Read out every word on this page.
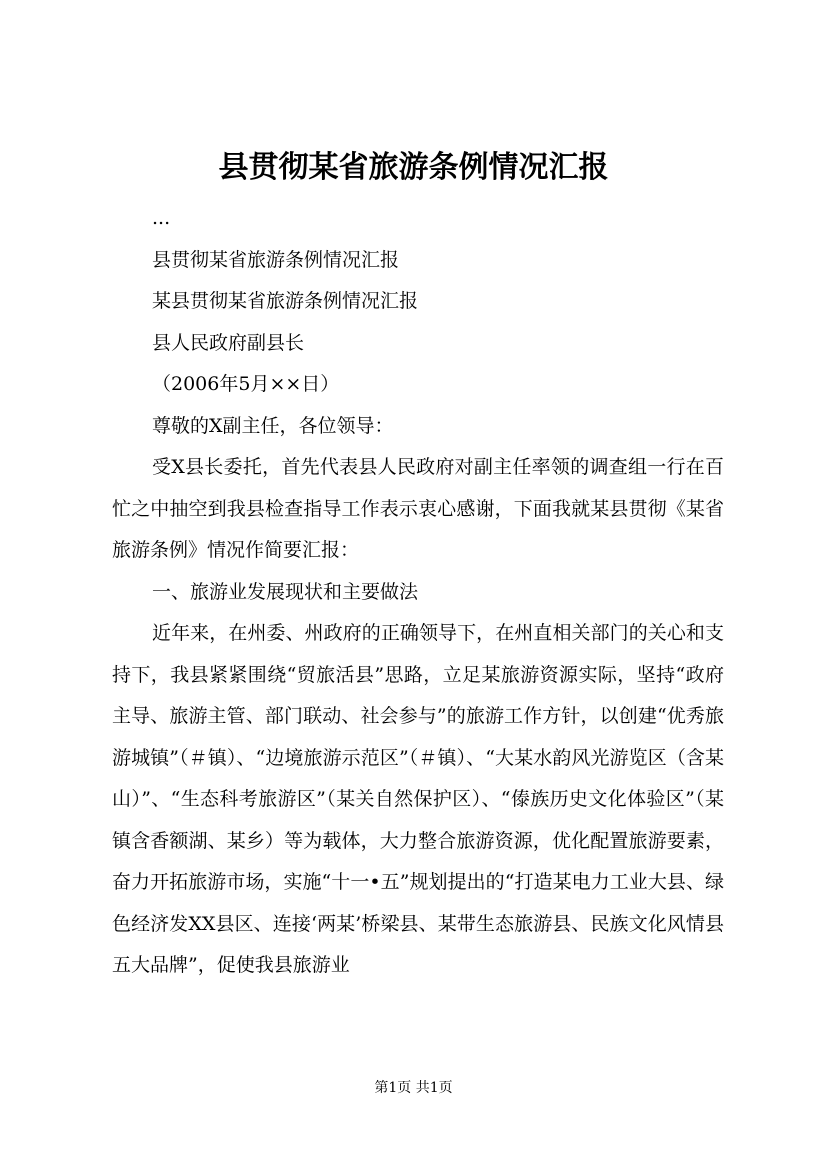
县贯彻某省旅游条例情况汇报

...

县贯彻某省旅游条例情况汇报

某县贯彻某省旅游条例情况汇报

县人民政府副县长

（2006年5月××日）

尊敬的X副主任，各位领导：

受X县长委托，首先代表县人民政府对副主任率领的调查组一行在百忙之中抽空到我县检查指导工作表示衷心感谢，下面我就某县贯彻《某省旅游条例》情况作简要汇报：

一、旅游业发展现状和主要做法

近年来，在州委、州政府的正确领导下，在州直相关部门的关心和支持下，我县紧紧围绕“贸旅活县”思路，立足某旅游资源实际，坚持“政府主导、旅游主管、部门联动、社会参与”的旅游工作方针，以创建“优秀旅游城镇”（＃镇）、“边境旅游示范区”（＃镇）、“大某水韵风光游览区（含某山）”、“生态科考旅游区”（某关自然保护区）、“傣族历史文化体验区”（某镇含香额湖、某乡）等为载体，大力整合旅游资源，优化配置旅游要素，奋力开拓旅游市场，实施“十一•五”规划提出的“打造某电力工业大县、绿色经济发XX县区、连接‘两某’桥梁县、某带生态旅游县、民族文化风情县五大品牌”，促使我县旅游业

第1页 共1页
